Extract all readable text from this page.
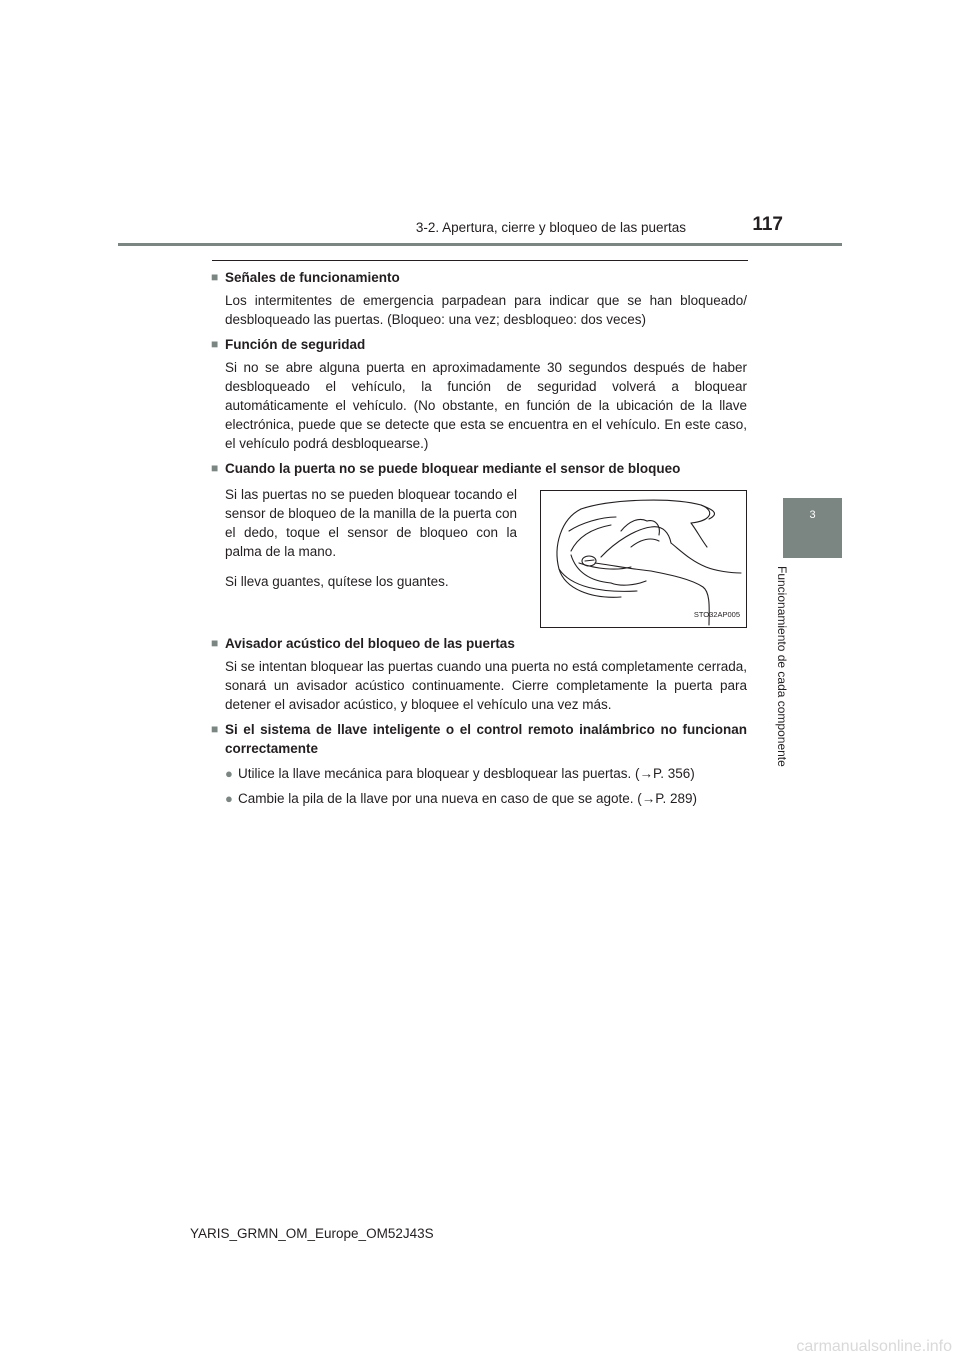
3-2. Apertura, cierre y bloqueo de las puertas	117
3
Funcionamiento de cada componente
■ Señales de funcionamiento
Los intermitentes de emergencia parpadean para indicar que se han bloqueado/ desbloqueado las puertas. (Bloqueo: una vez; desbloqueo: dos veces)
■ Función de seguridad
Si no se abre alguna puerta en aproximadamente 30 segundos después de haber desbloqueado el vehículo, la función de seguridad volverá a bloquear automáticamente el vehículo. (No obstante, en función de la ubicación de la llave electrónica, puede que se detecte que esta se encuentra en el vehículo. En este caso, el vehículo podrá desbloquearse.)
■ Cuando la puerta no se puede bloquear mediante el sensor de bloqueo

Si las puertas no se pueden bloquear tocando el sensor de bloqueo de la manilla de la puerta con el dedo, toque el sensor de bloqueo con la palma de la mano.

Si lleva guantes, quítese los guantes.

STO32AP005
■ Avisador acústico del bloqueo de las puertas
Si se intentan bloquear las puertas cuando una puerta no está completamente cerrada, sonará un avisador acústico continuamente. Cierre completamente la puerta para detener el avisador acústico, y bloquee el vehículo una vez más.
■ Si el sistema de llave inteligente o el control remoto inalámbrico no funcionan correctamente
● Utilice la llave mecánica para bloquear y desbloquear las puertas. (→P. 356)
● Cambie la pila de la llave por una nueva en caso de que se agote. (→P. 289)
YARIS_GRMN_OM_Europe_OM52J43S
carmanualsonline.info
